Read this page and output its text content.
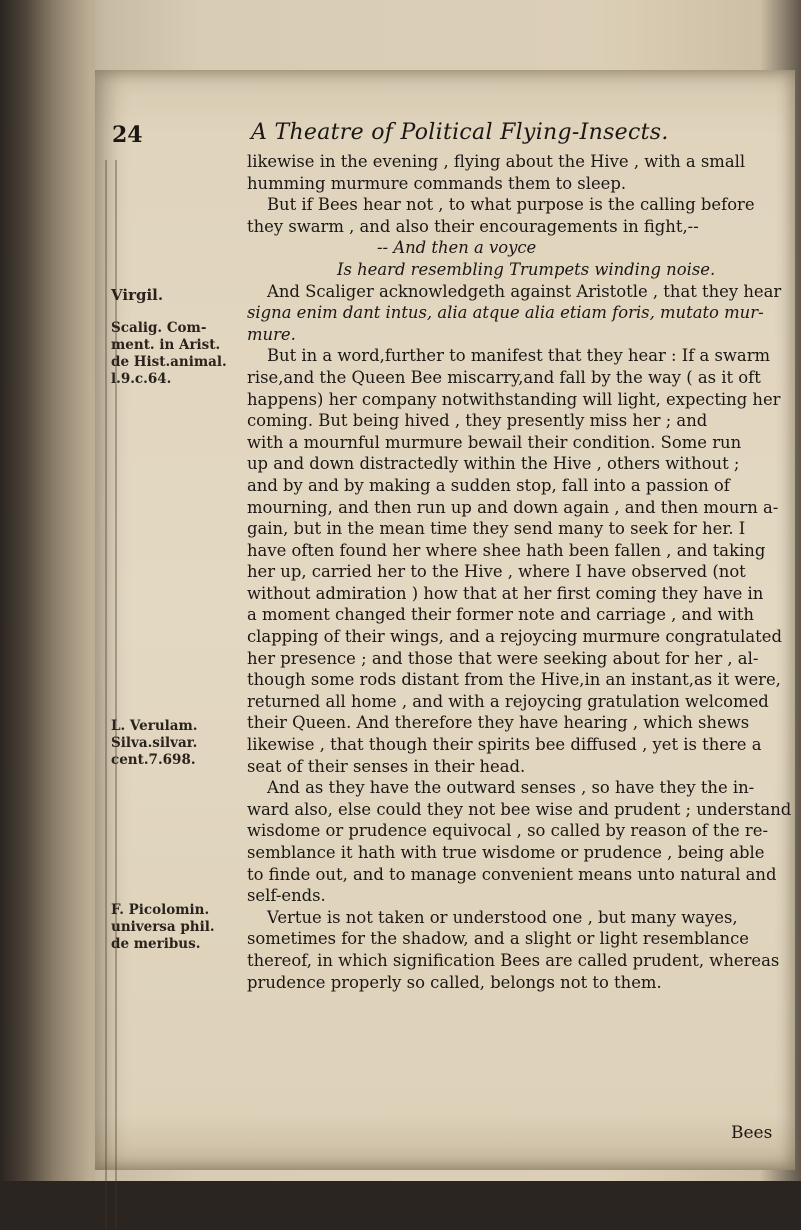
24	A Theatre of Political Flying-Insects.
Virgil.
Scalig. Com-
ment. in Arist.
de Hist.animal.
l.9.c.64.
L. Verulam.
Silva.silvar.
cent.7.698.
F. Picolomin.
universa phil.
de meribus.
likewise in the evening , flying about the Hive , with a small
humming murmure commands them to sleep.
But if Bees hear not , to what purpose is the calling before
they swarm , and also their encouragements in fight,--
-- And then a voyce
Is heard resembling Trumpets winding noise.
And Scaliger acknowledgeth against Aristotle , that they hear
signa enim dant intus, alia atque alia etiam foris, mutato mur-
mure.
But in a word,further to manifest that they hear : If a swarm
rise,and the Queen Bee miscarry,and fall by the way ( as it oft
happens) her company notwithstanding will light, expecting her
coming. But being hived , they presently miss her ; and
with a mournful murmure bewail their condition. Some run
up and down distractedly within the Hive , others without ;
and by and by making a sudden stop, fall into a passion of
mourning, and then run up and down again , and then mourn a-
gain, but in the mean time they send many to seek for her. I
have often found her where shee hath been fallen , and taking
her up, carried her to the Hive , where I have observed (not
without admiration ) how that at her first coming they have in
a moment changed their former note and carriage , and with
clapping of their wings, and a rejoycing murmure congratulated
her presence ; and those that were seeking about for her , al-
though some rods distant from the Hive,in an instant,as it were,
returned all home , and with a rejoycing gratulation welcomed
their Queen. And therefore they have hearing , which shews
likewise , that though their spirits bee diffused , yet is there a
seat of their senses in their head.
And as they have the outward senses , so have they the in-
ward also, else could they not bee wise and prudent ; understand
wisdome or prudence equivocal , so called by reason of the re-
semblance it hath with true wisdome or prudence , being able
to finde out, and to manage convenient means unto natural and
self-ends.
Vertue is not taken or understood one , but many wayes,
sometimes for the shadow, and a slight or light resemblance
thereof, in which signification Bees are called prudent, whereas
prudence properly so called, belongs not to them.
Bees
